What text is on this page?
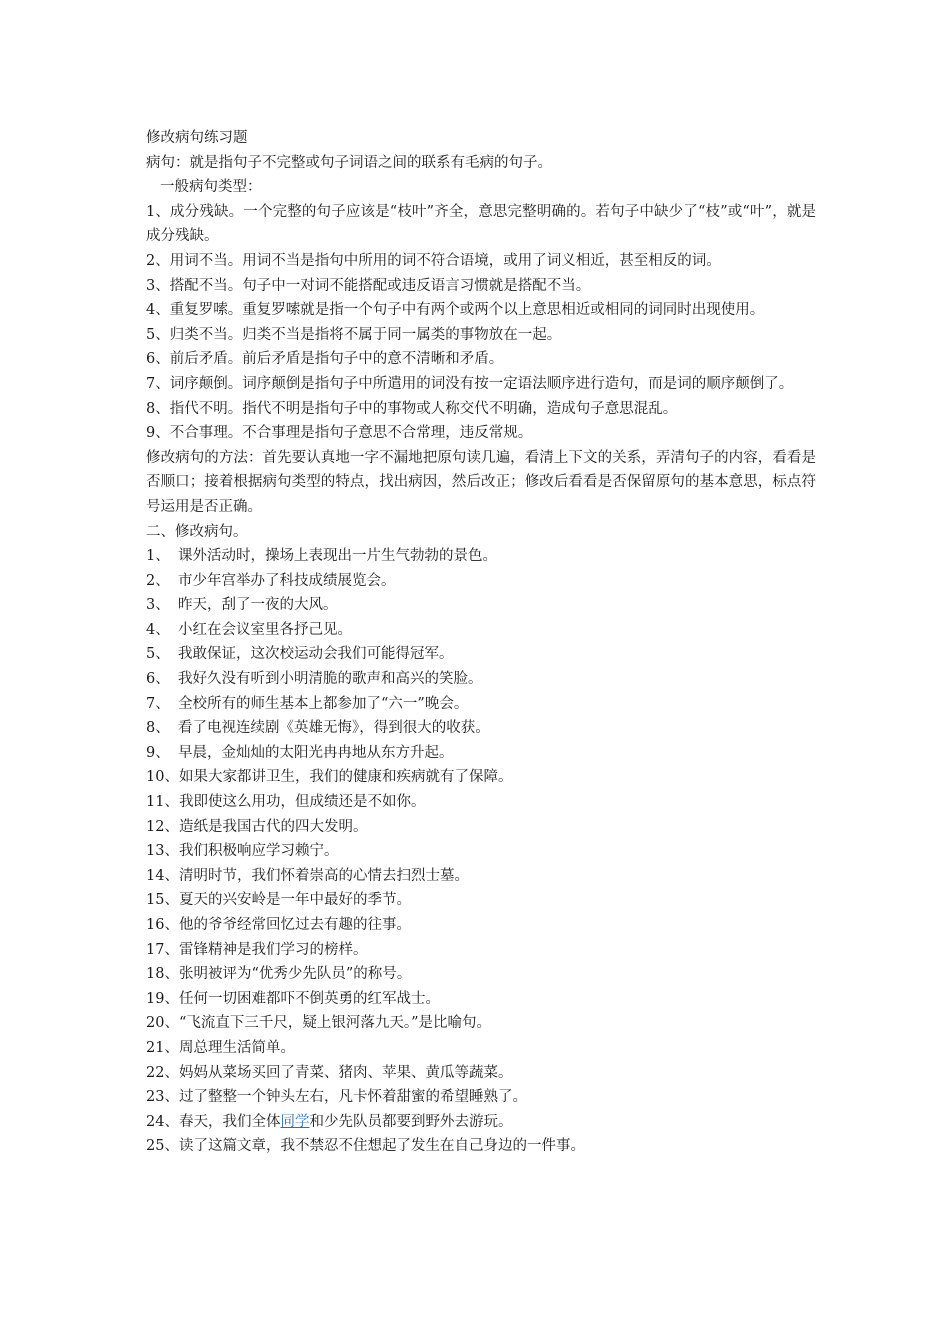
修改病句练习题
病句：就是指句子不完整或句子词语之间的联系有毛病的句子。
一般病句类型：
1、成分残缺。一个完整的句子应该是“枝叶”齐全，意思完整明确的。若句子中缺少了“枝”或“叶”，就是成分残缺。
2、用词不当。用词不当是指句中所用的词不符合语境，或用了词义相近，甚至相反的词。
3、搭配不当。句子中一对词不能搭配或违反语言习惯就是搭配不当。
4、重复罗嗦。重复罗嗦就是指一个句子中有两个或两个以上意思相近或相同的词同时出现使用。
5、归类不当。归类不当是指将不属于同一属类的事物放在一起。
6、前后矛盾。前后矛盾是指句子中的意不清晰和矛盾。
7、词序颠倒。词序颠倒是指句子中所遣用的词没有按一定语法顺序进行造句，而是词的顺序颠倒了。
8、指代不明。指代不明是指句子中的事物或人称交代不明确，造成句子意思混乱。
9、不合事理。不合事理是指句子意思不合常理，违反常规。
修改病句的方法：首先要认真地一字不漏地把原句读几遍，看清上下文的关系，弄清句子的内容，看看是否顺口；接着根据病句类型的特点，找出病因，然后改正；修改后看看是否保留原句的基本意思，标点符号运用是否正确。
二、修改病句。
1、 课外活动时，操场上表现出一片生气勃勃的景色。
2、 市少年宫举办了科技成绩展览会。
3、 昨天，刮了一夜的大风。
4、 小红在会议室里各抒己见。
5、 我敢保证，这次校运动会我们可能得冠军。
6、 我好久没有听到小明清脆的歌声和高兴的笑脸。
7、 全校所有的师生基本上都参加了“六一”晚会。
8、 看了电视连续剧《英雄无悔》，得到很大的收获。
9、 早晨，金灿灿的太阳光冉冉地从东方升起。
10、如果大家都讲卫生，我们的健康和疾病就有了保障。
11、我即使这么用功，但成绩还是不如你。
12、造纸是我国古代的四大发明。
13、我们积极响应学习赖宁。
14、清明时节，我们怀着崇高的心情去扫烈士墓。
15、夏天的兴安岭是一年中最好的季节。
16、他的爷爷经常回忆过去有趣的往事。
17、雷锋精神是我们学习的榜样。
18、张明被评为“优秀少先队员”的称号。
19、任何一切困难都吓不倒英勇的红军战士。
20、“飞流直下三千尺，疑上银河落九天。”是比喻句。
21、周总理生活简单。
22、妈妈从菜场买回了青菜、猪肉、苹果、黄瓜等蔬菜。
23、过了整整一个钟头左右，凡卡怀着甜蜜的希望睡熟了。
24、春天，我们全体同学和少先队员都要到野外去游玩。
25、读了这篇文章，我不禁忍不住想起了发生在自己身边的一件事。
